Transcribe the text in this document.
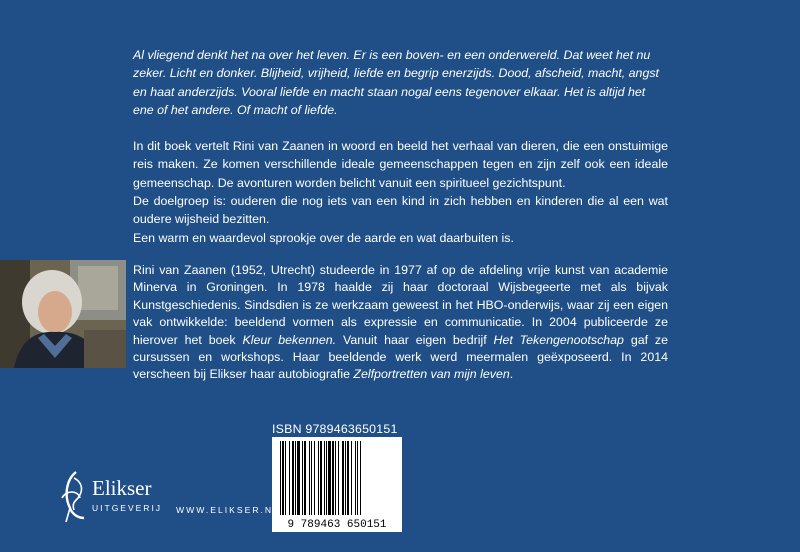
Al vliegend denkt het na over het leven. Er is een boven- en een onderwereld. Dat weet het nu zeker. Licht en donker. Blijheid, vrijheid, liefde en begrip enerzijds. Dood, afscheid, macht, angst en haat anderzijds. Vooral liefde en macht staan nogal eens tegenover elkaar. Het is altijd het ene of het andere. Of macht of liefde.

In dit boek vertelt Rini van Zaanen in woord en beeld het verhaal van dieren, die een onstuimige reis maken. Ze komen verschillende ideale gemeenschappen tegen en zijn zelf ook een ideale gemeenschap. De avonturen worden belicht vanuit een spiritueel gezichtspunt.

De doelgroep is: ouderen die nog iets van een kind in zich hebben en kinderen die al een wat oudere wijsheid bezitten.

Een warm en waardevol sprookje over de aarde en wat daarbuiten is.

Rini van Zaanen (1952, Utrecht) studeerde in 1977 af op de afdeling vrije kunst van academie Minerva in Groningen. In 1978 haalde zij haar doctoraal Wijsbegeerte met als bijvak Kunstgeschiedenis. Sindsdien is ze werkzaam geweest in het HBO-onderwijs, waar zij een eigen vak ontwikkelde: beeldend vormen als expressie en communicatie. In 2004 publiceerde ze hierover het boek Kleur bekennen. Vanuit haar eigen bedrijf Het Tekengenootschap gaf ze cursussen en workshops. Haar beeldende werk werd meermalen geëxposeerd. In 2014 verscheen bij Elikser haar autobiografie Zelfportretten van mijn leven.
ISBN 9789463650151
9 789463 650151
Elikser
UITGEVERIJ WWW.ELIKSER.NL
